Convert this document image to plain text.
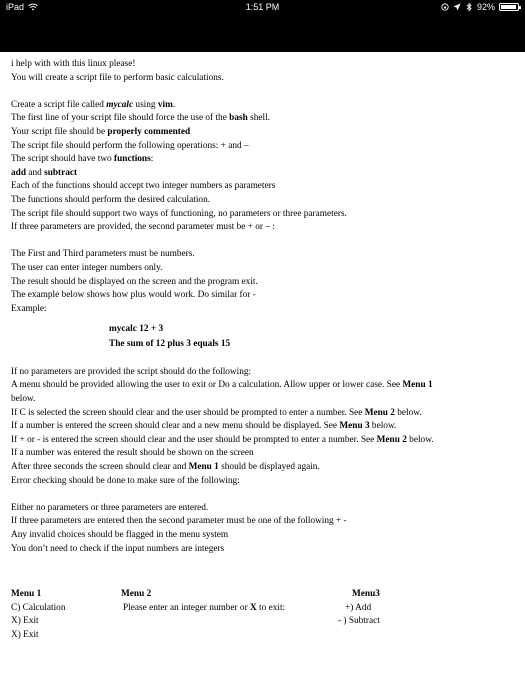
iPad	1:51 PM	92%

i help with with this linux please!

You will create a script file to perform basic calculations.

Create a script file called mycalc using vim.

The first line of your script file should force the use of the bash shell.

Your script file should be properly commented

The script file should perform the following operations: + and –

The script should have two functions:

add and subtract

Each of the functions should accept two integer numbers as parameters

The functions should perform the desired calculation.

The script file should support two ways of functioning, no parameters or three parameters.

If three parameters are provided, the second parameter must be + or – :

The First and Third parameters must be numbers.

The user can enter integer numbers only.

The result should be displayed on the screen and the program exit.

The example below shows how plus would work. Do similar for -

Example:

mycalc 12 + 3

The sum of 12 plus 3 equals 15

If no parameters are provided the script should do the following:

A menu should be provided allowing the user to exit or Do a calculation. Allow upper or lower case. See Menu 1

below.

If C is selected the screen should clear and the user should be prompted to enter a number. See Menu 2 below.

If a number is entered the screen should clear and a new menu should be displayed. See Menu 3 below.

If + or - is entered the screen should clear and the user should be prompted to enter a number. See Menu 2 below.

If a number was entered the result should be shown on the screen

After three seconds the screen should clear and Menu 1 should be displayed again.

Error checking should be done to make sure of the following:

Either no parameters or three parameters are entered.

If three parameters are entered then the second parameter must be one of the following + -

Any invalid choices should be flagged in the menu system

You don’t need to check if the input numbers are integers

Menu 1

C) Calculation

X) Exit

X) Exit

Menu 2

Please enter an integer number or X to exit:

Menu3

+) Add

- ) Subtract
